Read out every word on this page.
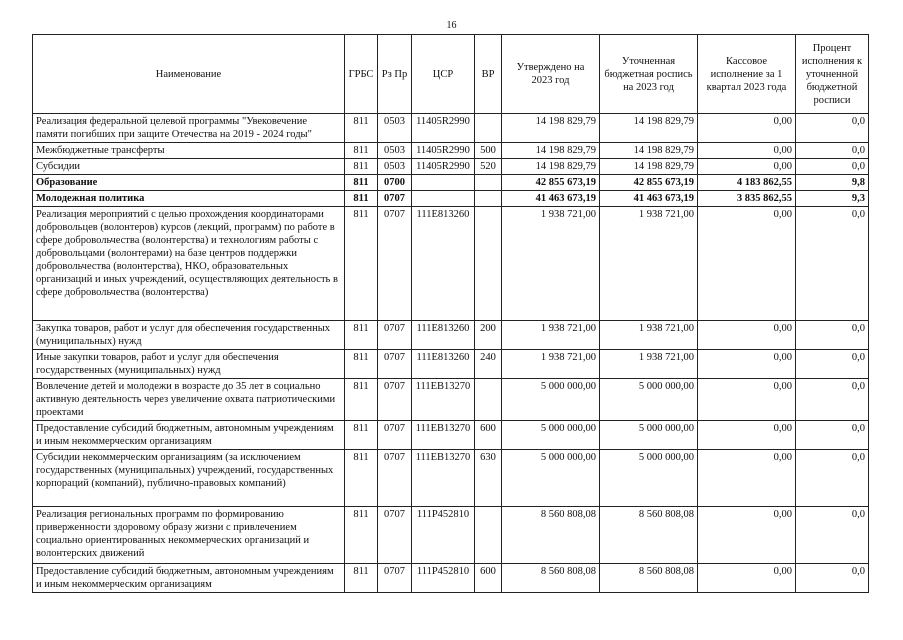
16
Наименование	ГРБС	Рз Пр	ЦСР	ВР	Утверждено на 2023 год	Уточненная бюджетная роспись на 2023 год	Кассовое исполнение за 1 квартал 2023 года	Процент исполнения к уточненной бюджетной росписи
Реализация федеральной целевой программы "Увековечение памяти погибших при защите Отечества на 2019 - 2024 годы"	811	0503	11405R2990		14 198 829,79	14 198 829,79	0,00	0,0
Межбюджетные трансферты	811	0503	11405R2990	500	14 198 829,79	14 198 829,79	0,00	0,0
Субсидии	811	0503	11405R2990	520	14 198 829,79	14 198 829,79	0,00	0,0
Образование	811	0700			42 855 673,19	42 855 673,19	4 183 862,55	9,8
Молодежная политика	811	0707			41 463 673,19	41 463 673,19	3 835 862,55	9,3
Реализация мероприятий с целью прохождения координаторами добровольцев (волонтеров) курсов (лекций, программ) по работе в сфере добровольчества (волонтерства) и технологиям работы с добровольцами (волонтерами) на базе центров поддержки добровольчества (волонтерства), НКО, образовательных организаций и иных учреждений, осуществляющих деятельность в сфере добровольчества (волонтерства)	811	0707	111E813260		1 938 721,00	1 938 721,00	0,00	0,0
Закупка товаров, работ и услуг для обеспечения государственных (муниципальных) нужд	811	0707	111E813260	200	1 938 721,00	1 938 721,00	0,00	0,0
Иные закупки товаров, работ и услуг для обеспечения государственных (муниципальных) нужд	811	0707	111E813260	240	1 938 721,00	1 938 721,00	0,00	0,0
Вовлечение детей и молодежи в возрасте до 35 лет в социально активную деятельность через увеличение охвата патриотическими проектами	811	0707	111EB13270		5 000 000,00	5 000 000,00	0,00	0,0
Предоставление субсидий бюджетным, автономным учреждениям и иным некоммерческим организациям	811	0707	111EB13270	600	5 000 000,00	5 000 000,00	0,00	0,0
Субсидии некоммерческим организациям (за исключением государственных (муниципальных) учреждений, государственных корпораций (компаний), публично-правовых компаний)	811	0707	111EB13270	630	5 000 000,00	5 000 000,00	0,00	0,0
Реализация региональных программ по формированию приверженности здоровому образу жизни с привлечением социально ориентированных некоммерческих организаций и волонтерских движений	811	0707	111P452810		8 560 808,08	8 560 808,08	0,00	0,0
Предоставление субсидий бюджетным, автономным учреждениям и иным некоммерческим организациям	811	0707	111P452810	600	8 560 808,08	8 560 808,08	0,00	0,0
